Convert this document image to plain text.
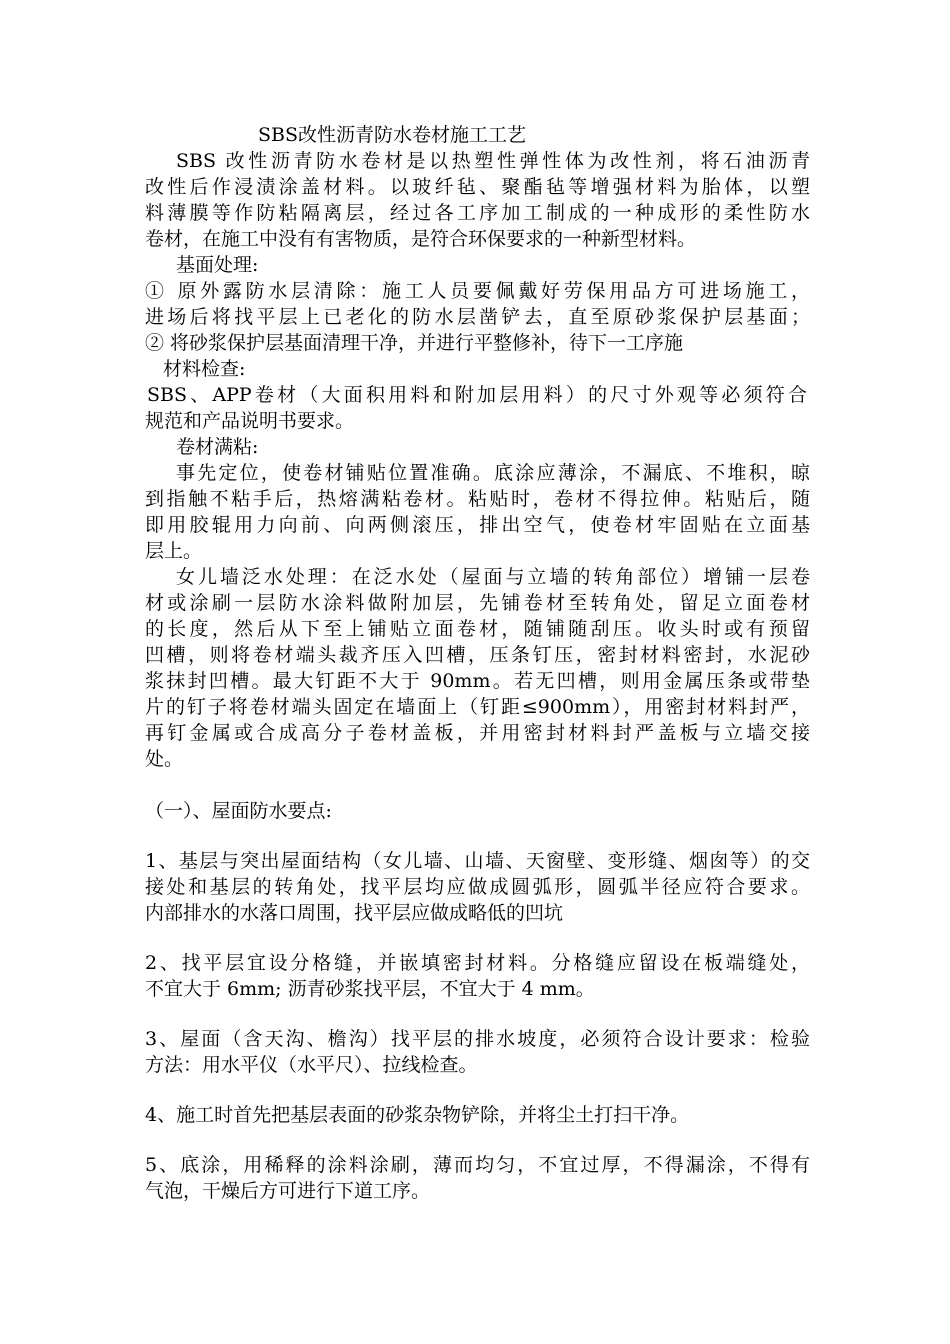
SBS改性沥青防水卷材施工工艺
SBS 改性沥青防水卷材是以热塑性弹性体为改性剂，将石油沥青
改性后作浸渍涂盖材料。以玻纤毡、聚酯毡等增强材料为胎体，以塑
料薄膜等作防粘隔离层，经过各工序加工制成的一种成形的柔性防水
卷材，在施工中没有有害物质，是符合环保要求的一种新型材料。
基面处理:
① 原外露防水层清除：施工人员要佩戴好劳保用品方可进场施工，
进场后将找平层上已老化的防水层凿铲去，直至原砂浆保护层基面；
② 将砂浆保护层基面清理干净，并进行平整修补，待下一工序施
材料检查:
SBS、APP卷材（大面积用料和附加层用料）的尺寸外观等必须符合
规范和产品说明书要求。
卷材满粘:
事先定位，使卷材铺贴位置准确。底涂应薄涂，不漏底、不堆积，晾
到指触不粘手后，热熔满粘卷材。粘贴时，卷材不得拉伸。粘贴后，随
即用胶辊用力向前、向两侧滚压，排出空气，使卷材牢固贴在立面基
层上。
女儿墙泛水处理：在泛水处（屋面与立墙的转角部位）增铺一层卷
材或涂刷一层防水涂料做附加层，先铺卷材至转角处，留足立面卷材
的长度，然后从下至上铺贴立面卷材，随铺随刮压。收头时或有预留
凹槽，则将卷材端头裁齐压入凹槽，压条钉压，密封材料密封，水泥砂
浆抹封凹槽。最大钉距不大于 90mm。若无凹槽，则用金属压条或带垫
片的钉子将卷材端头固定在墙面上（钉距≤900mm），用密封材料封严，
再钉金属或合成高分子卷材盖板，并用密封材料封严盖板与立墙交接
处。
（一）、屋面防水要点:
1、基层与突出屋面结构（女儿墙、山墙、天窗壁、变形缝、烟囱等）的交
接处和基层的转角处，找平层均应做成圆弧形，圆弧半径应符合要求。
内部排水的水落口周围，找平层应做成略低的凹坑
2、找平层宜设分格缝，并嵌填密封材料。分格缝应留设在板端缝处，
不宜大于 6mm; 沥青砂浆找平层，不宜大于 4 mm。
3、屋面（含天沟、檐沟）找平层的排水坡度，必须符合设计要求：检验
方法：用水平仪（水平尺）、拉线检查。
4、施工时首先把基层表面的砂浆杂物铲除，并将尘土打扫干净。
5、底涂，用稀释的涂料涂刷，薄而均匀，不宜过厚，不得漏涂，不得有
气泡，干燥后方可进行下道工序。
